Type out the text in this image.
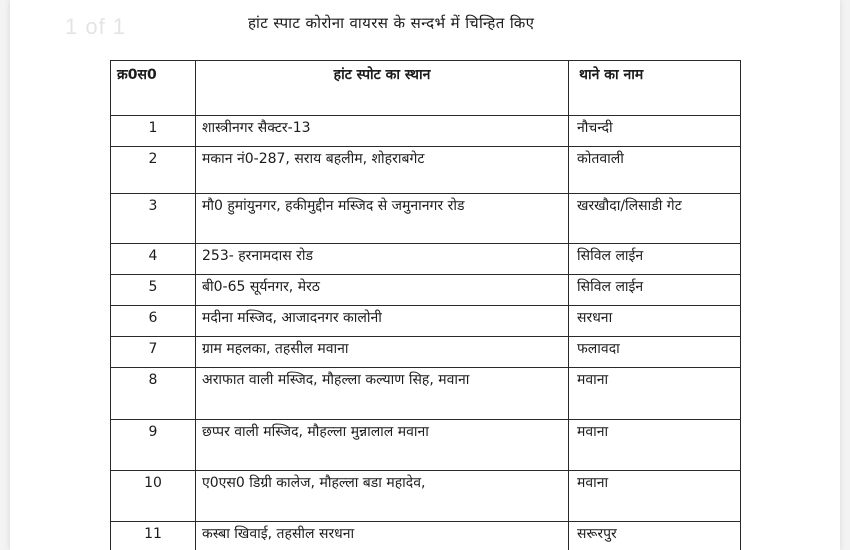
1 of 1	हांट स्पाट कोरोना वायरस के सन्दर्भ में चिन्हित किए
क्र0स0	हांट स्पोट का स्थान	थाने का नाम
1	शास्त्रीनगर सैक्टर-13	नौचन्दी
2	मकान नं0-287, सराय बहलीम, शोहराबगेट	कोतवाली
3	मौ0 हुमांयुनगर, हकीमुद्दीन मस्जिद से जमुनानगर रोड	खरखौदा/लिसाडी गेट
4	253- हरनामदास रोड	सिविल लाईन
5	बी0-65 सूर्यनगर, मेरठ	सिविल लाईन
6	मदीना मस्जिद, आजादनगर कालोनी	सरधना
7	ग्राम महलका, तहसील मवाना	फलावदा
8	अराफात वाली मस्जिद, मौहल्ला कल्याण सिह, मवाना	मवाना
9	छप्पर वाली मस्जिद, मौहल्ला मुन्नालाल मवाना	मवाना
10	ए0एस0 डिग्री कालेज, मौहल्ला बडा महादेव,	मवाना
11	कस्बा खिवाई, तहसील सरधना	सरूरपुर
